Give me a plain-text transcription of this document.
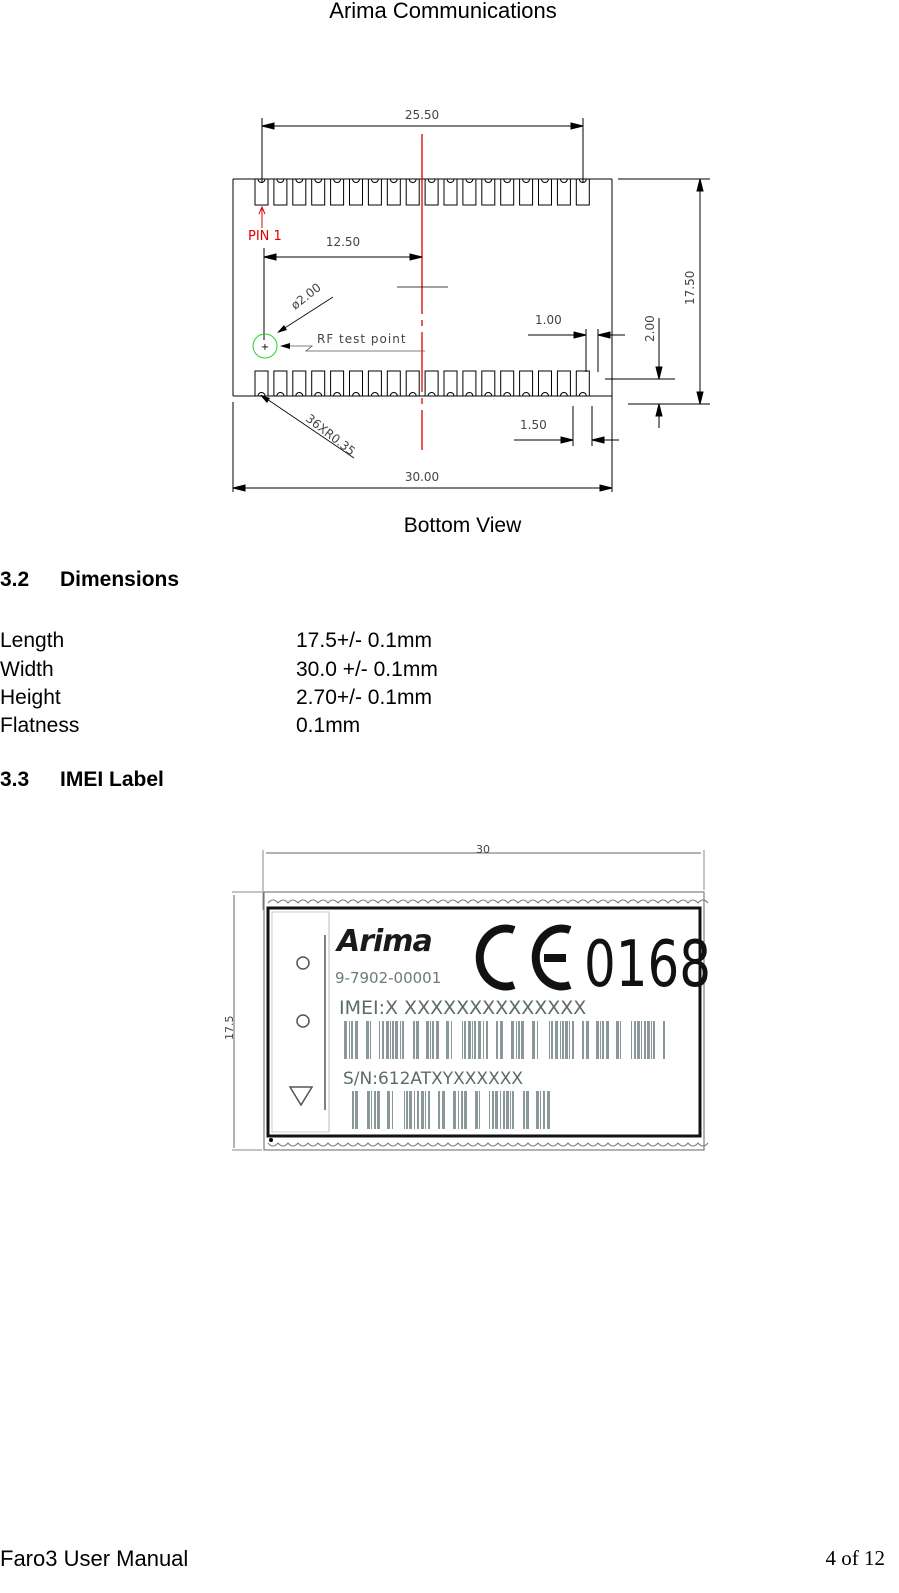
Arima Communications
25.50
PIN 1	12.50
ø2.00
+
RF test point
36XR0.35
30.00
17.50
2.00
1.00
1.50
Bottom View
3.2 Dimensions
Length	17.5+/- 0.1mm
Width	30.0 +/- 0.1mm
Height	2.70+/- 0.1mm
Flatness	0.1mm
3.3 IMEI Label
30
17.5
Arima
9-7902-00001 0168
IMEI:X XXXXXXXXXXXXXX
S/N:612ATXYXXXXXX
Faro3 User Manual	4 of 12
